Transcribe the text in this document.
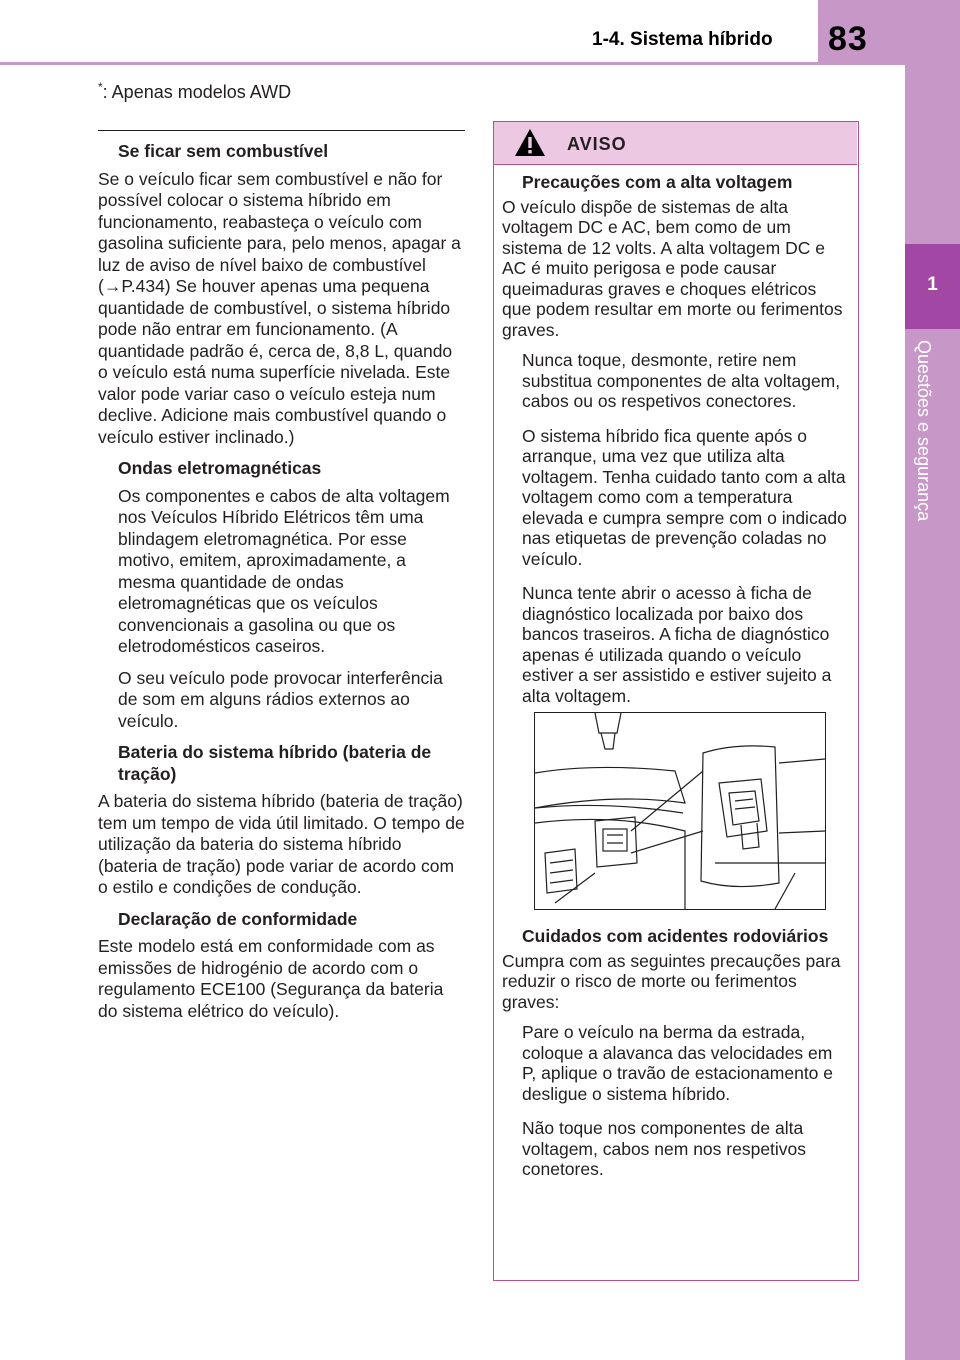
83
1-4. Sistema híbrido
1
Questões e segurança
*: Apenas modelos AWD

Se ficar sem combustível

Se o veículo ficar sem combustível e não for possível colocar o sistema híbrido em funcionamento, reabasteça o veículo com gasolina suficiente para, pelo menos, apagar a luz de aviso de nível baixo de combustível (→P.434) Se houver apenas uma pequena quantidade de combustível, o sistema híbrido pode não entrar em funcionamento. (A quantidade padrão é, cerca de, 8,8 L, quando o veículo está numa superfície nivelada. Este valor pode variar caso o veículo esteja num declive. Adicione mais combustível quando o veículo estiver inclinado.)

Ondas eletromagnéticas

Os componentes e cabos de alta voltagem nos Veículos Híbrido Elétricos têm uma blindagem eletromagnética. Por esse motivo, emitem, aproximadamente, a mesma quantidade de ondas eletromagnéticas que os veículos convencionais a gasolina ou que os eletrodomésticos caseiros.

O seu veículo pode provocar interferência de som em alguns rádios externos ao veículo.

Bateria do sistema híbrido (bateria de tração)

A bateria do sistema híbrido (bateria de tração) tem um tempo de vida útil limitado. O tempo de utilização da bateria do sistema híbrido (bateria de tração) pode variar de acordo com o estilo e condições de condução.

Declaração de conformidade

Este modelo está em conformidade com as emissões de hidrogénio de acordo com o regulamento ECE100 (Segurança da bateria do sistema elétrico do veículo).

AVISO

Precauções com a alta voltagem

O veículo dispõe de sistemas de alta voltagem DC e AC, bem como de um sistema de 12 volts. A alta voltagem DC e AC é muito perigosa e pode causar queimaduras graves e choques elétricos que podem resultar em morte ou ferimentos graves.

Nunca toque, desmonte, retire nem substitua componentes de alta voltagem, cabos ou os respetivos conectores.

O sistema híbrido fica quente após o arranque, uma vez que utiliza alta voltagem. Tenha cuidado tanto com a alta voltagem como com a temperatura elevada e cumpra sempre com o indicado nas etiquetas de prevenção coladas no veículo.

Nunca tente abrir o acesso à ficha de diagnóstico localizada por baixo dos bancos traseiros. A ficha de diagnóstico apenas é utilizada quando o veículo estiver a ser assistido e estiver sujeito a alta voltagem.

Cuidados com acidentes rodoviários

Cumpra com as seguintes precauções para reduzir o risco de morte ou ferimentos graves:

Pare o veículo na berma da estrada, coloque a alavanca das velocidades em P, aplique o travão de estacionamento e desligue o sistema híbrido.

Não toque nos componentes de alta voltagem, cabos nem nos respetivos conetores.
